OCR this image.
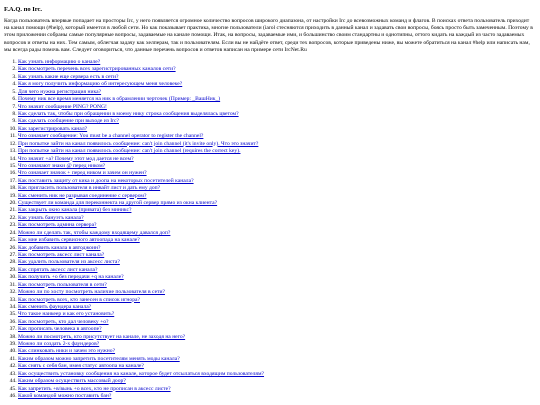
F.A.Q. по Irc.
Когда пользователь впервые попадает на просторы Irc, у него появляется огромное количество вопросов широкого диапазона, от настройки Irc до всевозможных команд и флагов. В поисках ответа пользователь приходит на канал помощи (#help), который имеется в любой сети. Но как показывает практика, многие пользователи (iarol стесняются приходить в данный канал и задавать свои вопросы, боясь просто быть замеченным. Поэтому в этом приложении собраны самые популярные вопросы, задаваемые на канале помощи. Итак, на вопросы, задаваемые ими, и большинство своим стандартны и однотипны, оттого кидать на каждый из часто задаваемых вопросов и ответы на них. Тем самым, облегчая задачу как хелперам, так и пользователям. Если вы не найдёте ответ, среди тех вопросов, которые приведены ниже, вы можете обратиться на канал #help или написать нам, мы всегда рады помочь вам. Следует оговориться, что данные перечень вопросов и ответов написан на примере сети IrcNet.Ru
1. Как узнать информацию о канале?
2. Как посмотреть перечень всех зарегистрированных каналов сети?
3. Как узнать какие еще сервера есть в сети?
4. Как я могу получить информацию об интересующем меня человеке?
5. Для чего нужна регистрация ника?
6. Почему ник все время меняется на ник в обрамлении черточек (Пример: _ВашНик_)
7. Что значит сообщение PING? PONG!
8. Как сделать так, чтобы при обращении в моему нику строка сообщения выделялась цветом?
9. Как сделать сообщение при выходе из Irc?
10. Как зарегистрировать канал?
11. Что означает сообщение: You must be a channel operator to register the channel?
12. При попытке зайти на канал появилось сообщение: can't join channel (it's invite only). Что это значит?
13. При попытке зайти на канал появилось сообщение: can't join channel (requires the correct key).
14. Что значит +a? Почему этот мод дается не всем?
15. Что означают знаки @ перед ником?
16. Что означает значок + перед ником и зачем он нужен?
17. Как поставить защиту от кика и доопа на некоторых посетителей канала?
18. Как пригласить пользователя в инвайт лист и дать ему доп?
19. Как сменить ник не разрывая соединение с сервером?
20. Существует ли команда для переконнекта на другой сервер прямо из окна клиента?
21. Как закрыть окно канала (привата) без миникс?
22. Как узнать бануэтъ канала?
23. Как посмотреть админа сервера?
24. Можно ли сделать так, чтобы каждому входящему давался доп?
25. Как мне избавить сервисного автоопада на канале?
26. Как добавить канала в автоджоин?
27. Как посмотреть аксесс лист канала?
28. Как удалить пользователя из аксесс листа?
29. Как спрятать аксесс лист канала?
30. Как получить +о без передачи +q на канале?
31. Как посмотреть пользователя в сети?
32. Можно ли по хосту посмотреть наличие пользователя в сети?
33. Как посмотреть всех, кто занесен в список игнора?
34. Как сменить фаундера канала?
35. Что такое наикеер и как его установить?
36. Как посмотреть, кто дал человеку +о?
37. Как прописать человека в автоопе?
38. Можно ли посмотреть, кто присутствует на канале, не заходя на него?
39. Можно ли создать 2-х фаундеров?
40. Как слинковать ники и зачем это нужно?
41. Каким образом можно запретить посетителям менять моды канала?
42. Как снять с себя бан, имея статус автоопа на канале?
43. Как осуществить установку сообщения на канале, которое будет отсылаться входящим пользователям?
44. Каким образом осуществить массовый доор?
45. Как запретить +в/вынь +о всех, кто не прописан в аксесс листе?
46. Какой командой можно поставить бан?
